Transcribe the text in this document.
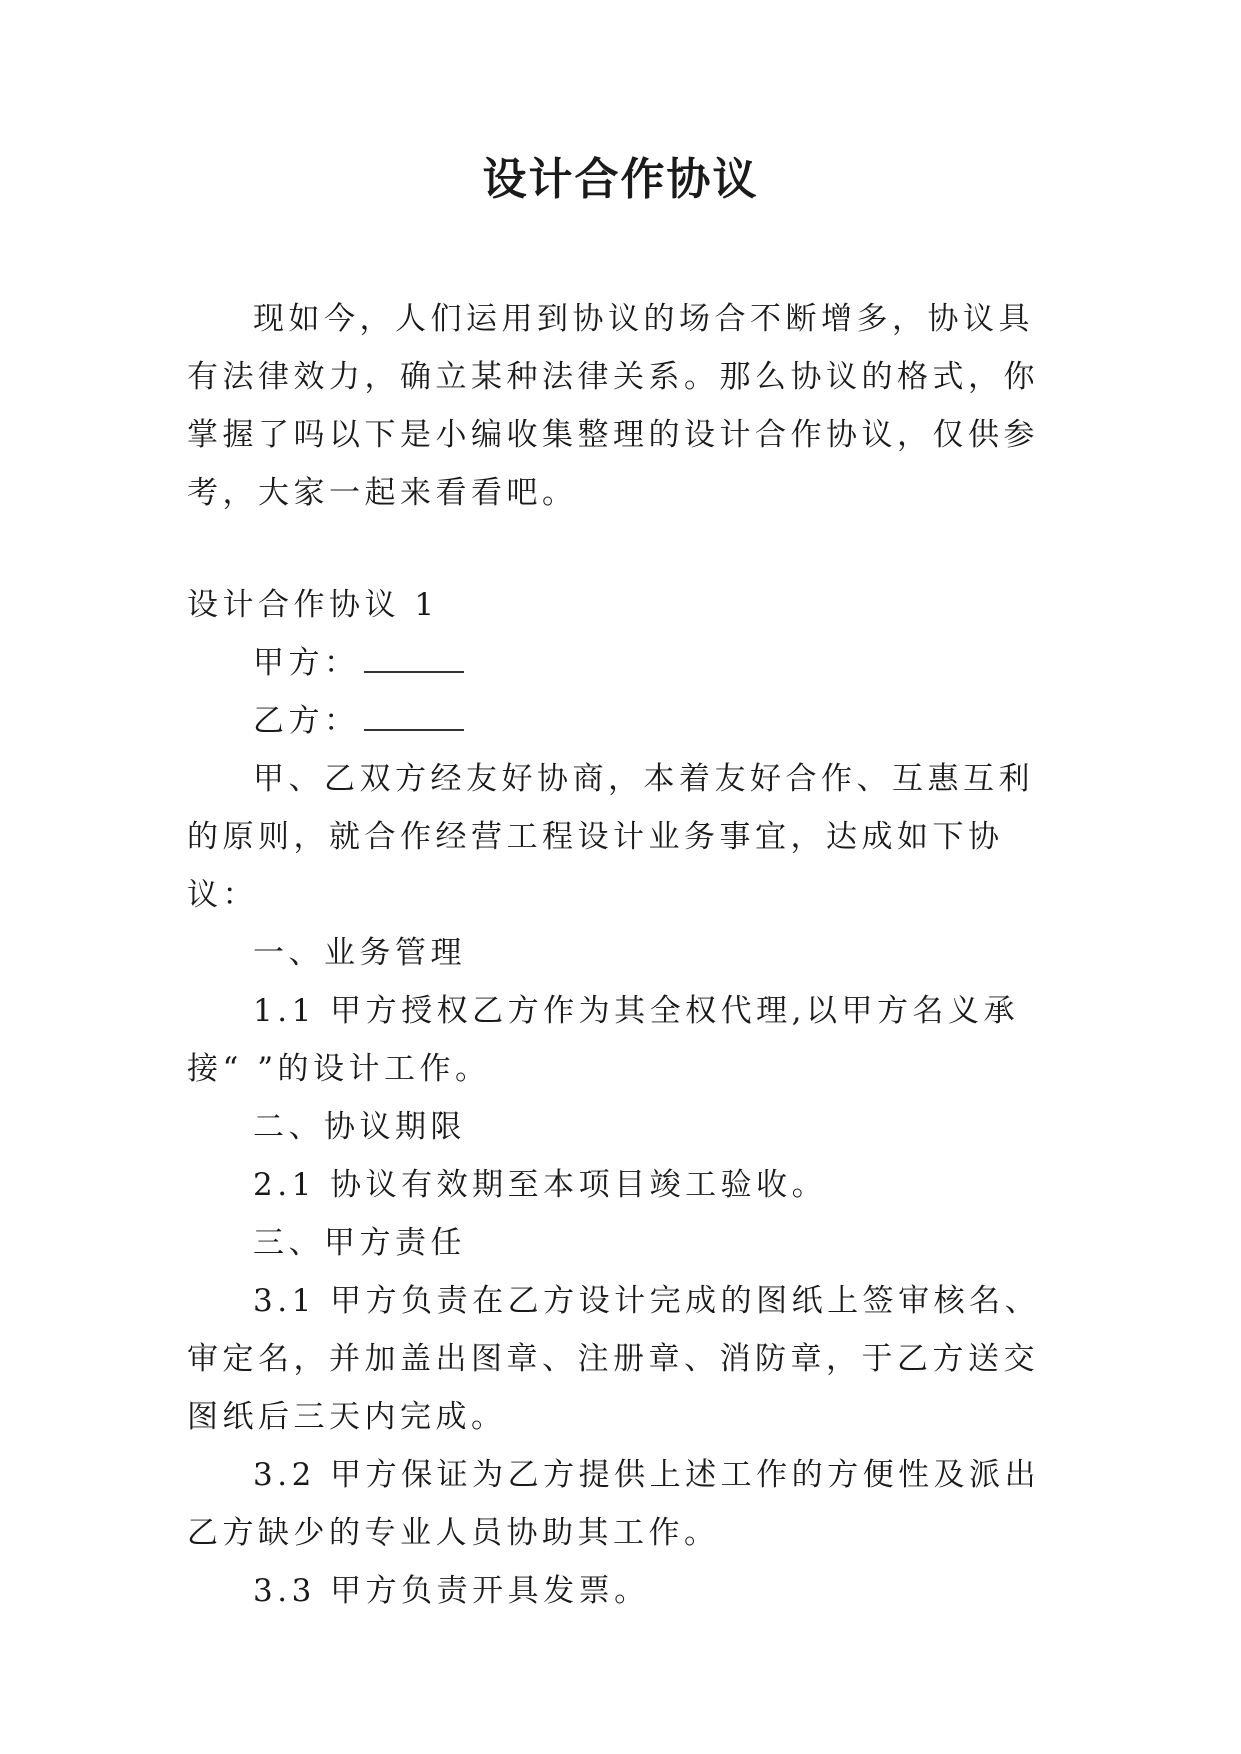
设计合作协议

现如今，人们运用到协议的场合不断增多，协议具有法律效力，确立某种法律关系。那么协议的格式，你掌握了吗以下是小编收集整理的设计合作协议，仅供参考，大家一起来看看吧。

设计合作协议 1

甲方：

乙方：

甲、乙双方经友好协商，本着友好合作、互惠互利的原则，就合作经营工程设计业务事宜，达成如下协议：

一、业务管理

1.1 甲方授权乙方作为其全权代理,以甲方名义承接“ ”的设计工作。

二、协议期限

2.1 协议有效期至本项目竣工验收。

三、甲方责任

3.1 甲方负责在乙方设计完成的图纸上签审核名、审定名，并加盖出图章、注册章、消防章，于乙方送交图纸后三天内完成。

3.2 甲方保证为乙方提供上述工作的方便性及派出乙方缺少的专业人员协助其工作。

3.3 甲方负责开具发票。
